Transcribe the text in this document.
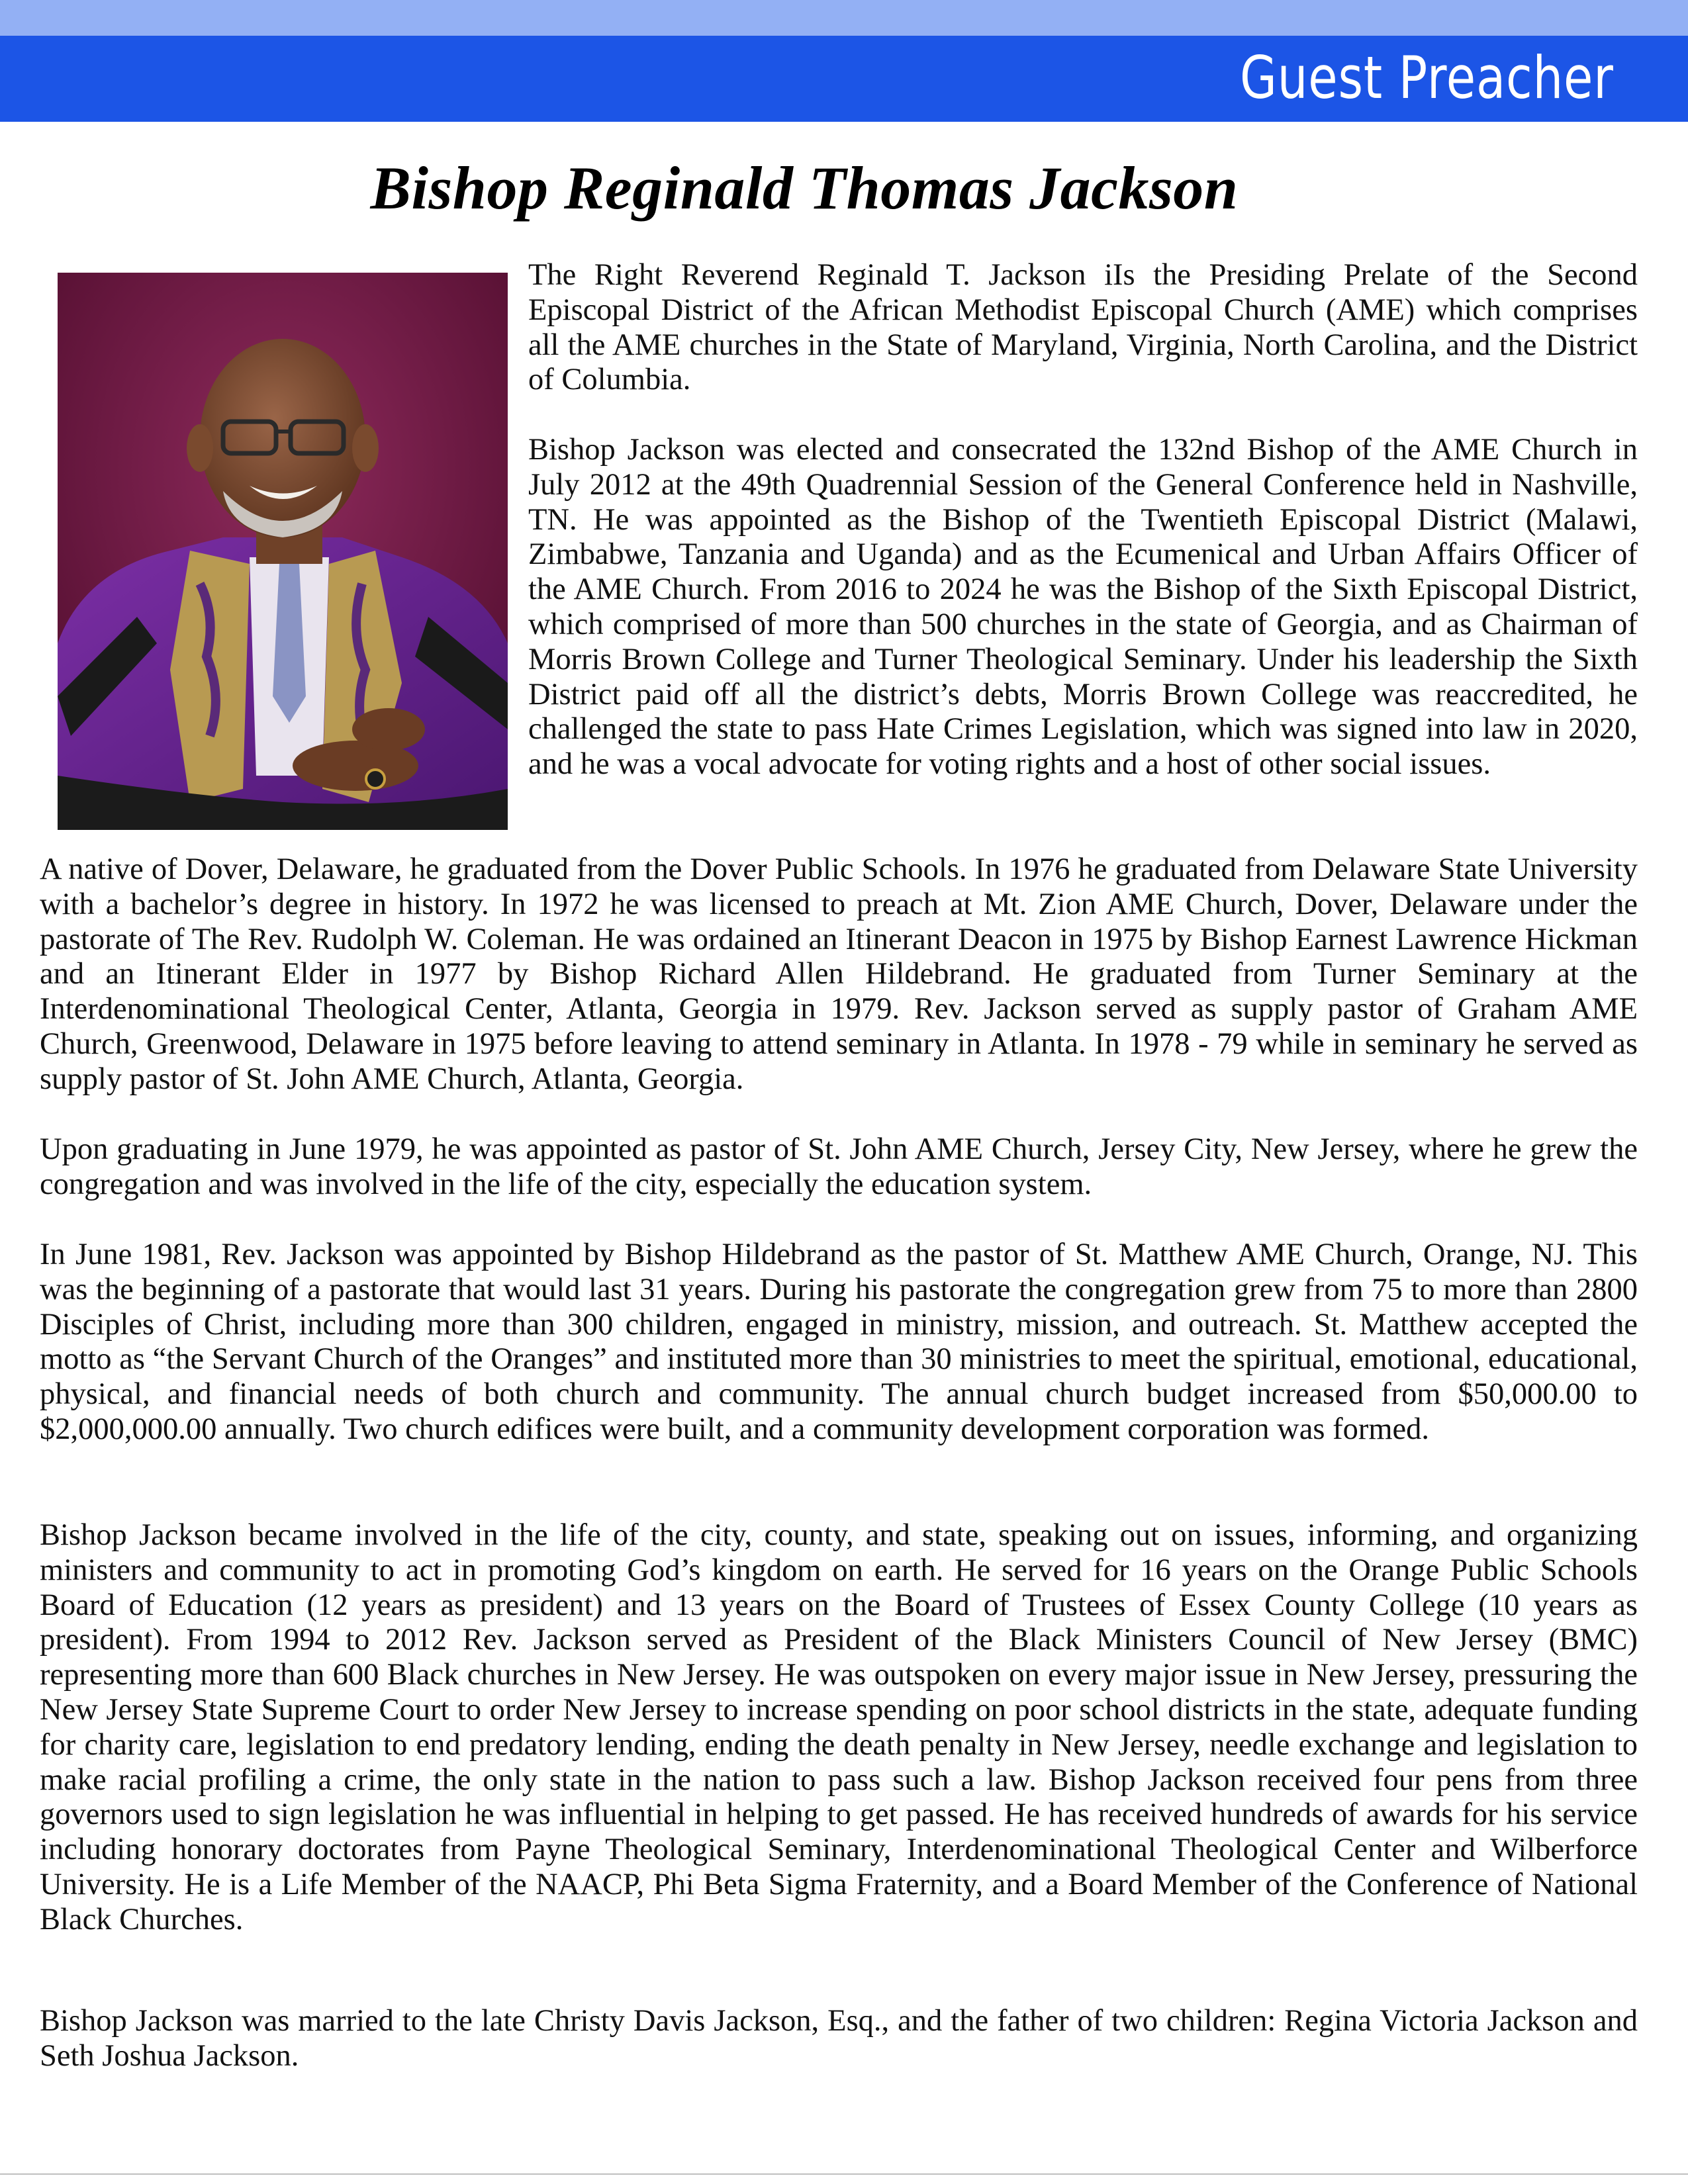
Guest Preacher
Bishop Reginald Thomas Jackson

The Right Reverend Reginald T. Jackson iIs the Presiding Prelate of the Second Episcopal District of the African Methodist Episcopal Church (AME) which comprises all the AME churches in the State of Maryland, Virginia, North Carolina, and the District of Columbia.

Bishop Jackson was elected and consecrated the 132nd Bishop of the AME Church in July 2012 at the 49th Quadrennial Session of the General Conference held in Nashville, TN. He was appointed as the Bishop of the Twentieth Episcopal District (Malawi, Zimbabwe, Tanzania and Uganda) and as the Ecumenical and Urban Affairs Officer of the AME Church. From 2016 to 2024 he was the Bishop of the Sixth Episcopal District, which comprised of more than 500 churches in the state of Georgia, and as Chairman of Morris Brown College and Turner Theological Seminary. Under his leadership the Sixth District paid off all the district’s debts, Morris Brown College was reaccredited, he challenged the state to pass Hate Crimes Legislation, which was signed into law in 2020, and he was a vocal advocate for voting rights and a host of other social issues.

A native of Dover, Delaware, he graduated from the Dover Public Schools. In 1976 he graduated from Delaware State University with a bachelor’s degree in history. In 1972 he was licensed to preach at Mt. Zion AME Church, Dover, Delaware under the pastorate of The Rev. Rudolph W. Coleman. He was ordained an Itinerant Deacon in 1975 by Bishop Earnest Lawrence Hickman and an Itinerant Elder in 1977 by Bishop Richard Allen Hildebrand. He graduated from Turner Seminary at the Interdenominational Theological Center, Atlanta, Georgia in 1979. Rev. Jackson served as supply pastor of Graham AME Church, Greenwood, Delaware in 1975 before leaving to attend seminary in Atlanta. In 1978 - 79 while in seminary he served as supply pastor of St. John AME Church, Atlanta, Georgia.

Upon graduating in June 1979, he was appointed as pastor of St. John AME Church, Jersey City, New Jersey, where he grew the congregation and was involved in the life of the city, especially the education system.

In June 1981, Rev. Jackson was appointed by Bishop Hildebrand as the pastor of St. Matthew AME Church, Orange, NJ. This was the beginning of a pastorate that would last 31 years. During his pastorate the congregation grew from 75 to more than 2800 Disciples of Christ, including more than 300 children, engaged in ministry, mission, and outreach. St. Matthew accepted the motto as “the Servant Church of the Oranges” and instituted more than 30 ministries to meet the spiritual, emotional, educational, physical, and financial needs of both church and community. The annual church budget increased from $50,000.00 to $2,000,000.00 annually. Two church edifices were built, and a community development corporation was formed.

Bishop Jackson became involved in the life of the city, county, and state, speaking out on issues, informing, and organizing ministers and community to act in promoting God’s kingdom on earth. He served for 16 years on the Orange Public Schools Board of Education (12 years as president) and 13 years on the Board of Trustees of Essex County College (10 years as president). From 1994 to 2012 Rev. Jackson served as President of the Black Ministers Council of New Jersey (BMC) representing more than 600 Black churches in New Jersey. He was outspoken on every major issue in New Jersey, pressuring the New Jersey State Supreme Court to order New Jersey to increase spending on poor school districts in the state, adequate funding for charity care, legislation to end predatory lending, ending the death penalty in New Jersey, needle exchange and legislation to make racial profiling a crime, the only state in the nation to pass such a law. Bishop Jackson received four pens from three governors used to sign legislation he was influential in helping to get passed. He has received hundreds of awards for his service including honorary doctorates from Payne Theological Seminary, Interdenominational Theological Center and Wilberforce University. He is a Life Member of the NAACP, Phi Beta Sigma Fraternity, and a Board Member of the Conference of National Black Churches.

Bishop Jackson was married to the late Christy Davis Jackson, Esq., and the father of two children: Regina Victoria Jackson and Seth Joshua Jackson.
